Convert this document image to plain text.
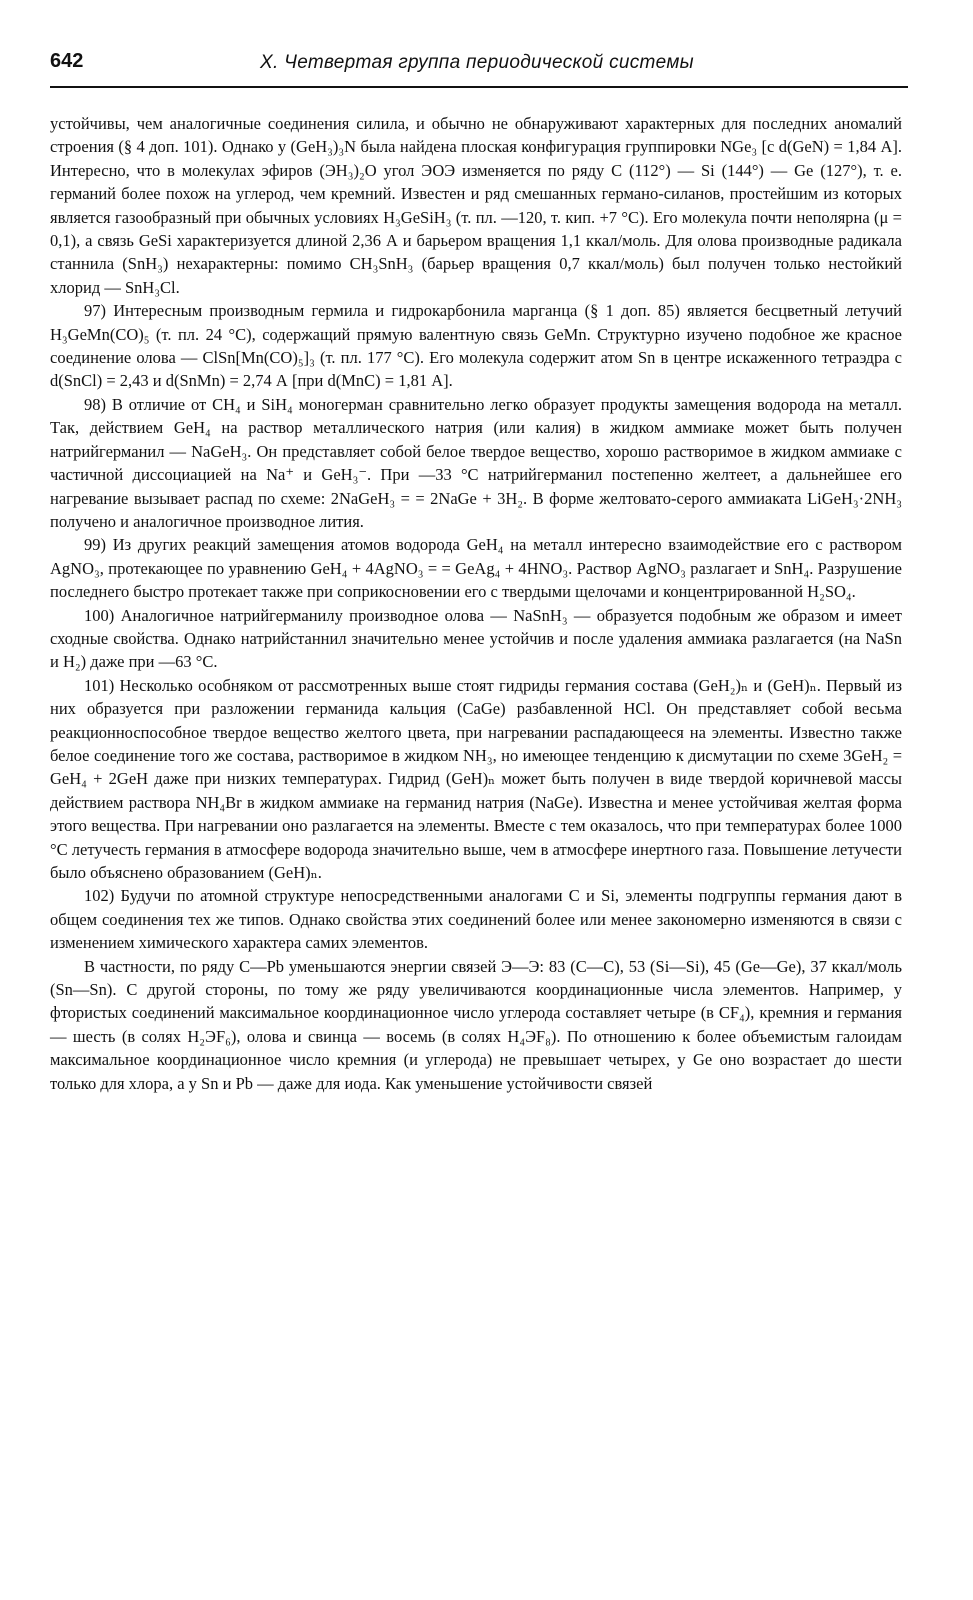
642	X. Четвертая группа периодической системы

устойчивы, чем аналогичные соединения силила, и обычно не обнаруживают характерных для последних аномалий строения (§ 4 доп. 101). Однако у (GeH₃)₃N была найдена плоская конфигурация группировки NGe₃ [с d(GeN) = 1,84 А]. Интересно, что в молекулах эфиров (ЭН₃)₂О угол ЭОЭ изменяется по ряду С (112°) — Si (144°) — Ge (127°), т. е. германий более похож на углерод, чем кремний. Известен и ряд смешанных германо-силанов, простейшим из которых является газообразный при обычных условиях H₃GeSiH₃ (т. пл. —120, т. кип. +7 °С). Его молекула почти неполярна (μ = 0,1), а связь GeSi характеризуется длиной 2,36 А и барьером вращения 1,1 ккал/моль. Для олова производные радикала станнила (SnH₃) нехарактерны: помимо CH₃SnH₃ (барьер вращения 0,7 ккал/моль) был получен только нестойкий хлорид — SnH₃Cl.

97) Интересным производным гермила и гидрокарбонила марганца (§ 1 доп. 85) является бесцветный летучий H₃GeMn(CO)₅ (т. пл. 24 °С), содержащий прямую валентную связь GeMn. Структурно изучено подобное же красное соединение олова — ClSn[Mn(CO)₅]₃ (т. пл. 177 °С). Его молекула содержит атом Sn в центре искаженного тетраэдра с d(SnCl) = 2,43 и d(SnMn) = 2,74 А [при d(MnC) = 1,81 А].

98) В отличие от CH₄ и SiH₄ моногерман сравнительно легко образует продукты замещения водорода на металл. Так, действием GeH₄ на раствор металлического натрия (или калия) в жидком аммиаке может быть получен натрийгерманил — NaGeH₃. Он представляет собой белое твердое вещество, хорошо растворимое в жидком аммиаке с частичной диссоциацией на Na⁺ и GeH₃⁻. При —33 °С натрийгерманил постепенно желтеет, а дальнейшее его нагревание вызывает распад по схеме: 2NaGeH₃ = = 2NaGe + 3H₂. В форме желтовато-серого аммиаката LiGeH₃·2NH₃ получено и аналогичное производное лития.

99) Из других реакций замещения атомов водорода GeH₄ на металл интересно взаимодействие его с раствором AgNO₃, протекающее по уравнению GeH₄ + 4AgNO₃ = = GeAg₄ + 4HNO₃. Раствор AgNO₃ разлагает и SnH₄. Разрушение последнего быстро протекает также при соприкосновении его с твердыми щелочами и концентрированной H₂SO₄.

100) Аналогичное натрийгерманилу производное олова — NaSnH₃ — образуется подобным же образом и имеет сходные свойства. Однако натрийстаннил значительно менее устойчив и после удаления аммиака разлагается (на NaSn и H₂) даже при —63 °С.

101) Несколько особняком от рассмотренных выше стоят гидриды германия состава (GeH₂)ₙ и (GeH)ₙ. Первый из них образуется при разложении германида кальция (CaGe) разбавленной HCl. Он представляет собой весьма реакционноспособное твердое вещество желтого цвета, при нагревании распадающееся на элементы. Известно также белое соединение того же состава, растворимое в жидком NH₃, но имеющее тенденцию к дисмутации по схеме 3GeH₂ = GeH₄ + 2GeH даже при низких температурах. Гидрид (GeH)ₙ может быть получен в виде твердой коричневой массы действием раствора NH₄Br в жидком аммиаке на германид натрия (NaGe). Известна и менее устойчивая желтая форма этого вещества. При нагревании оно разлагается на элементы. Вместе с тем оказалось, что при температурах более 1000 °С летучесть германия в атмосфере водорода значительно выше, чем в атмосфере инертного газа. Повышение летучести было объяснено образованием (GeH)ₙ.

102) Будучи по атомной структуре непосредственными аналогами С и Si, элементы подгруппы германия дают в общем соединения тех же типов. Однако свойства этих соединений более или менее закономерно изменяются в связи с изменением химического характера самих элементов.

В частности, по ряду С—Pb уменьшаются энергии связей Э—Э: 83 (С—С), 53 (Si—Si), 45 (Ge—Ge), 37 ккал/моль (Sn—Sn). С другой стороны, по тому же ряду увеличиваются координационные числа элементов. Например, у фтористых соединений максимальное координационное число углерода составляет четыре (в CF₄), кремния и германия — шесть (в солях H₂ЭF₆), олова и свинца — восемь (в солях H₄ЭF₈). По отношению к более объемистым галоидам максимальное координационное число кремния (и углерода) не превышает четырех, у Ge оно возрастает до шести только для хлора, а у Sn и Pb — даже для иода. Как уменьшение устойчивости связей
